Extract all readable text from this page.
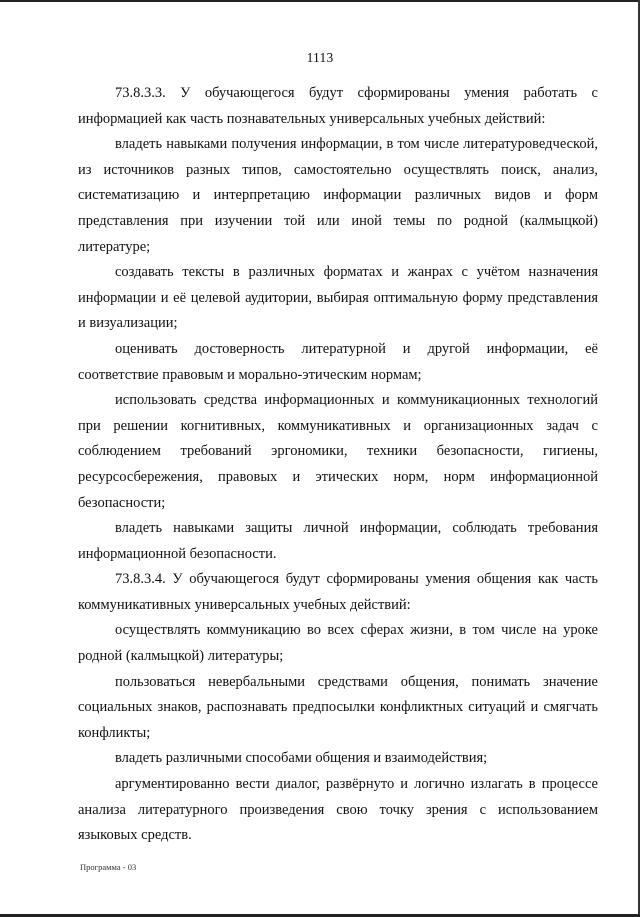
1113

73.8.3.3. У обучающегося будут сформированы умения работать с информацией как часть познавательных универсальных учебных действий:

владеть навыками получения информации, в том числе литературоведческой, из источников разных типов, самостоятельно осуществлять поиск, анализ, систематизацию и интерпретацию информации различных видов и форм представления при изучении той или иной темы по родной (калмыцкой) литературе;

создавать тексты в различных форматах и жанрах с учётом назначения информации и её целевой аудитории, выбирая оптимальную форму представления и визуализации;

оценивать достоверность литературной и другой информации, её соответствие правовым и морально-этическим нормам;

использовать средства информационных и коммуникационных технологий при решении когнитивных, коммуникативных и организационных задач с соблюдением требований эргономики, техники безопасности, гигиены, ресурсосбережения, правовых и этических норм, норм информационной безопасности;

владеть навыками защиты личной информации, соблюдать требования информационной безопасности.

73.8.3.4. У обучающегося будут сформированы умения общения как часть коммуникативных универсальных учебных действий:

осуществлять коммуникацию во всех сферах жизни, в том числе на уроке родной (калмыцкой) литературы;

пользоваться невербальными средствами общения, понимать значение социальных знаков, распознавать предпосылки конфликтных ситуаций и смягчать конфликты;

владеть различными способами общения и взаимодействия;

аргументированно вести диалог, развёрнуто и логично излагать в процессе анализа литературного произведения свою точку зрения с использованием языковых средств.

Программа - 03
